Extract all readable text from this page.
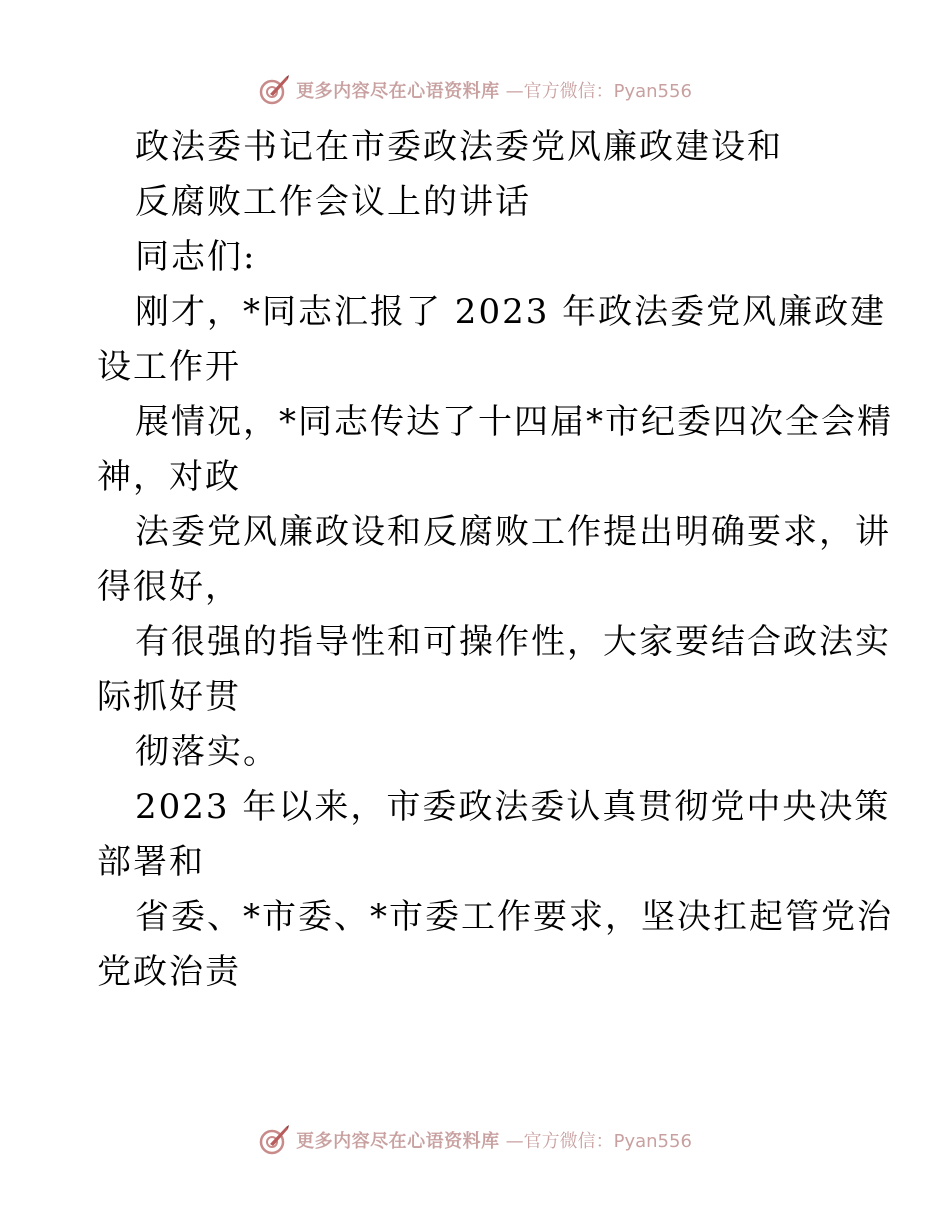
更多内容尽在心语资料库 —官方微信：Pyan556
政法委书记在市委政法委党风廉政建设和
反腐败工作会议上的讲话
同志们:
刚才，*同志汇报了 2023 年政法委党风廉政建
设工作开
展情况，*同志传达了十四届*市纪委四次全会精
神，对政
法委党风廉政设和反腐败工作提出明确要求，讲
得很好，
有很强的指导性和可操作性，大家要结合政法实
际抓好贯
彻落实。
2023 年以来，市委政法委认真贯彻党中央决策
部署和
省委、*市委、*市委工作要求，坚决扛起管党治
党政治责
更多内容尽在心语资料库 —官方微信：Pyan556
